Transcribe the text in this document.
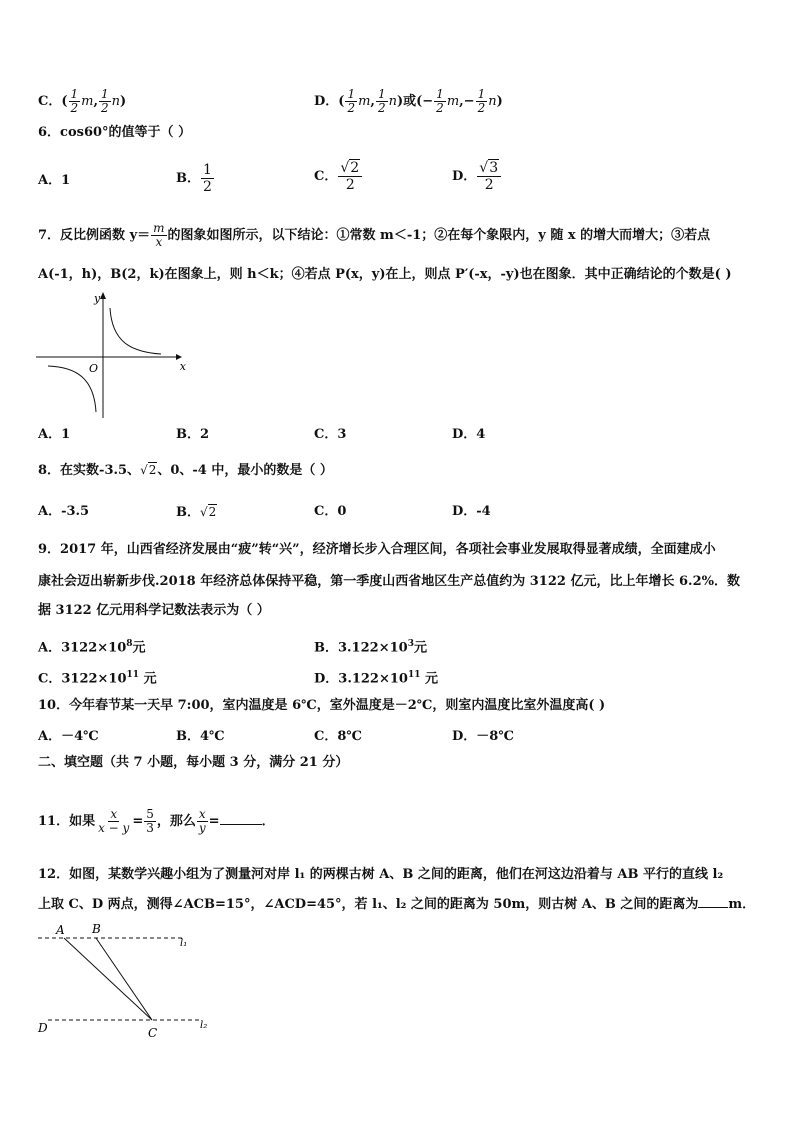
C．( $\frac{1}{2} m$, $\frac{1}{2} n$)	D．( $\frac{1}{2} m$, $\frac{1}{2} n$)或(− $\frac{1}{2} m,- \frac{1}{2} n$)
6．cos60°的值等于（ ）
A．1	B． $\frac{1}{2}$	C． $\frac{√2}{2}$	D． $\frac{√3}{2}$
7．反比例函数 $y= \frac{m}{x}$ 的图象如图所示，以下结论：①常数 m＜-1；②在每个象限内，y 随 x 的增大而增大；③若点
A(-1，h)，B(2，k)在图象上，则 h＜k；④若点 P(x，y)在上，则点 P′(-x，-y)也在图象．其中正确结论的个数是( )
x
y
O
A．1	B．2	C．3	D．4
8．在实数-3.5、√2、0、-4 中，最小的数是（ ）
A．-3.5	B．√2	C．0	D．-4
9．2017 年，山西省经济发展由“疲”转“兴”，经济增长步入合理区间，各项社会事业发展取得显著成绩，全面建成小
康社会迈出崭新步伐.2018 年经济总体保持平稳，第一季度山西省地区生产总值约为 3122 亿元，比上年增长 6.2%．数
据 3122 亿元用科学记数法表示为（ ）
A．$3122\times 10^8$元	B．$3.122\times 10^3$元
C．$3122\times 10^{11}$ 元	D．$3.122\times 10^{11}$ 元
10．今年春节某一天早 7:00，室内温度是 6℃，室外温度是－2℃，则室内温度比室外温度高( )
A．－4℃	B．4℃	C．8℃	D．－8℃
二、填空题（共 7 小题，每小题 3 分，满分 21 分）
11．如果 $\frac{x}{x - y} = \frac{5}{3}$ ，那么 $\frac{x}{y}$ =	．
12．如图，某数学兴趣小组为了测量河对岸 l₁ 的两棵古树 A、B 之间的距离，他们在河这边沿着与 AB 平行的直线 l₂
上取 C、D 两点，测得∠ACB=15°，∠ACD=45°，若 l₁、l₂ 之间的距离为 50m，则古树 A、B 之间的距离为 m．
A B
C
D
l₁
l₂
